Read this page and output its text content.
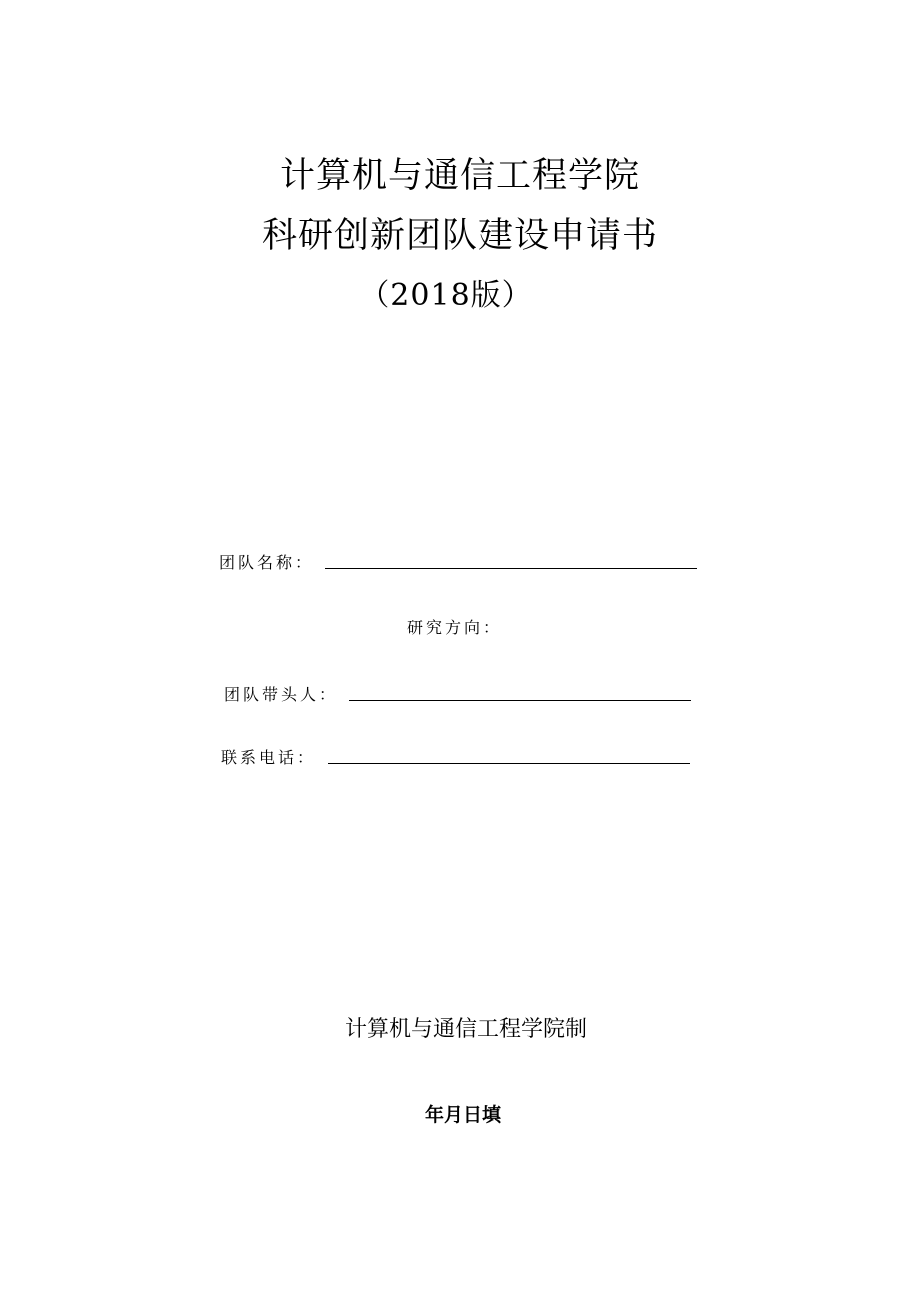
计算机与通信工程学院
科研创新团队建设申请书
（2018版）
团队名称：
研究方向：
团队带头人：
联系电话：
计算机与通信工程学院制
年月日填
